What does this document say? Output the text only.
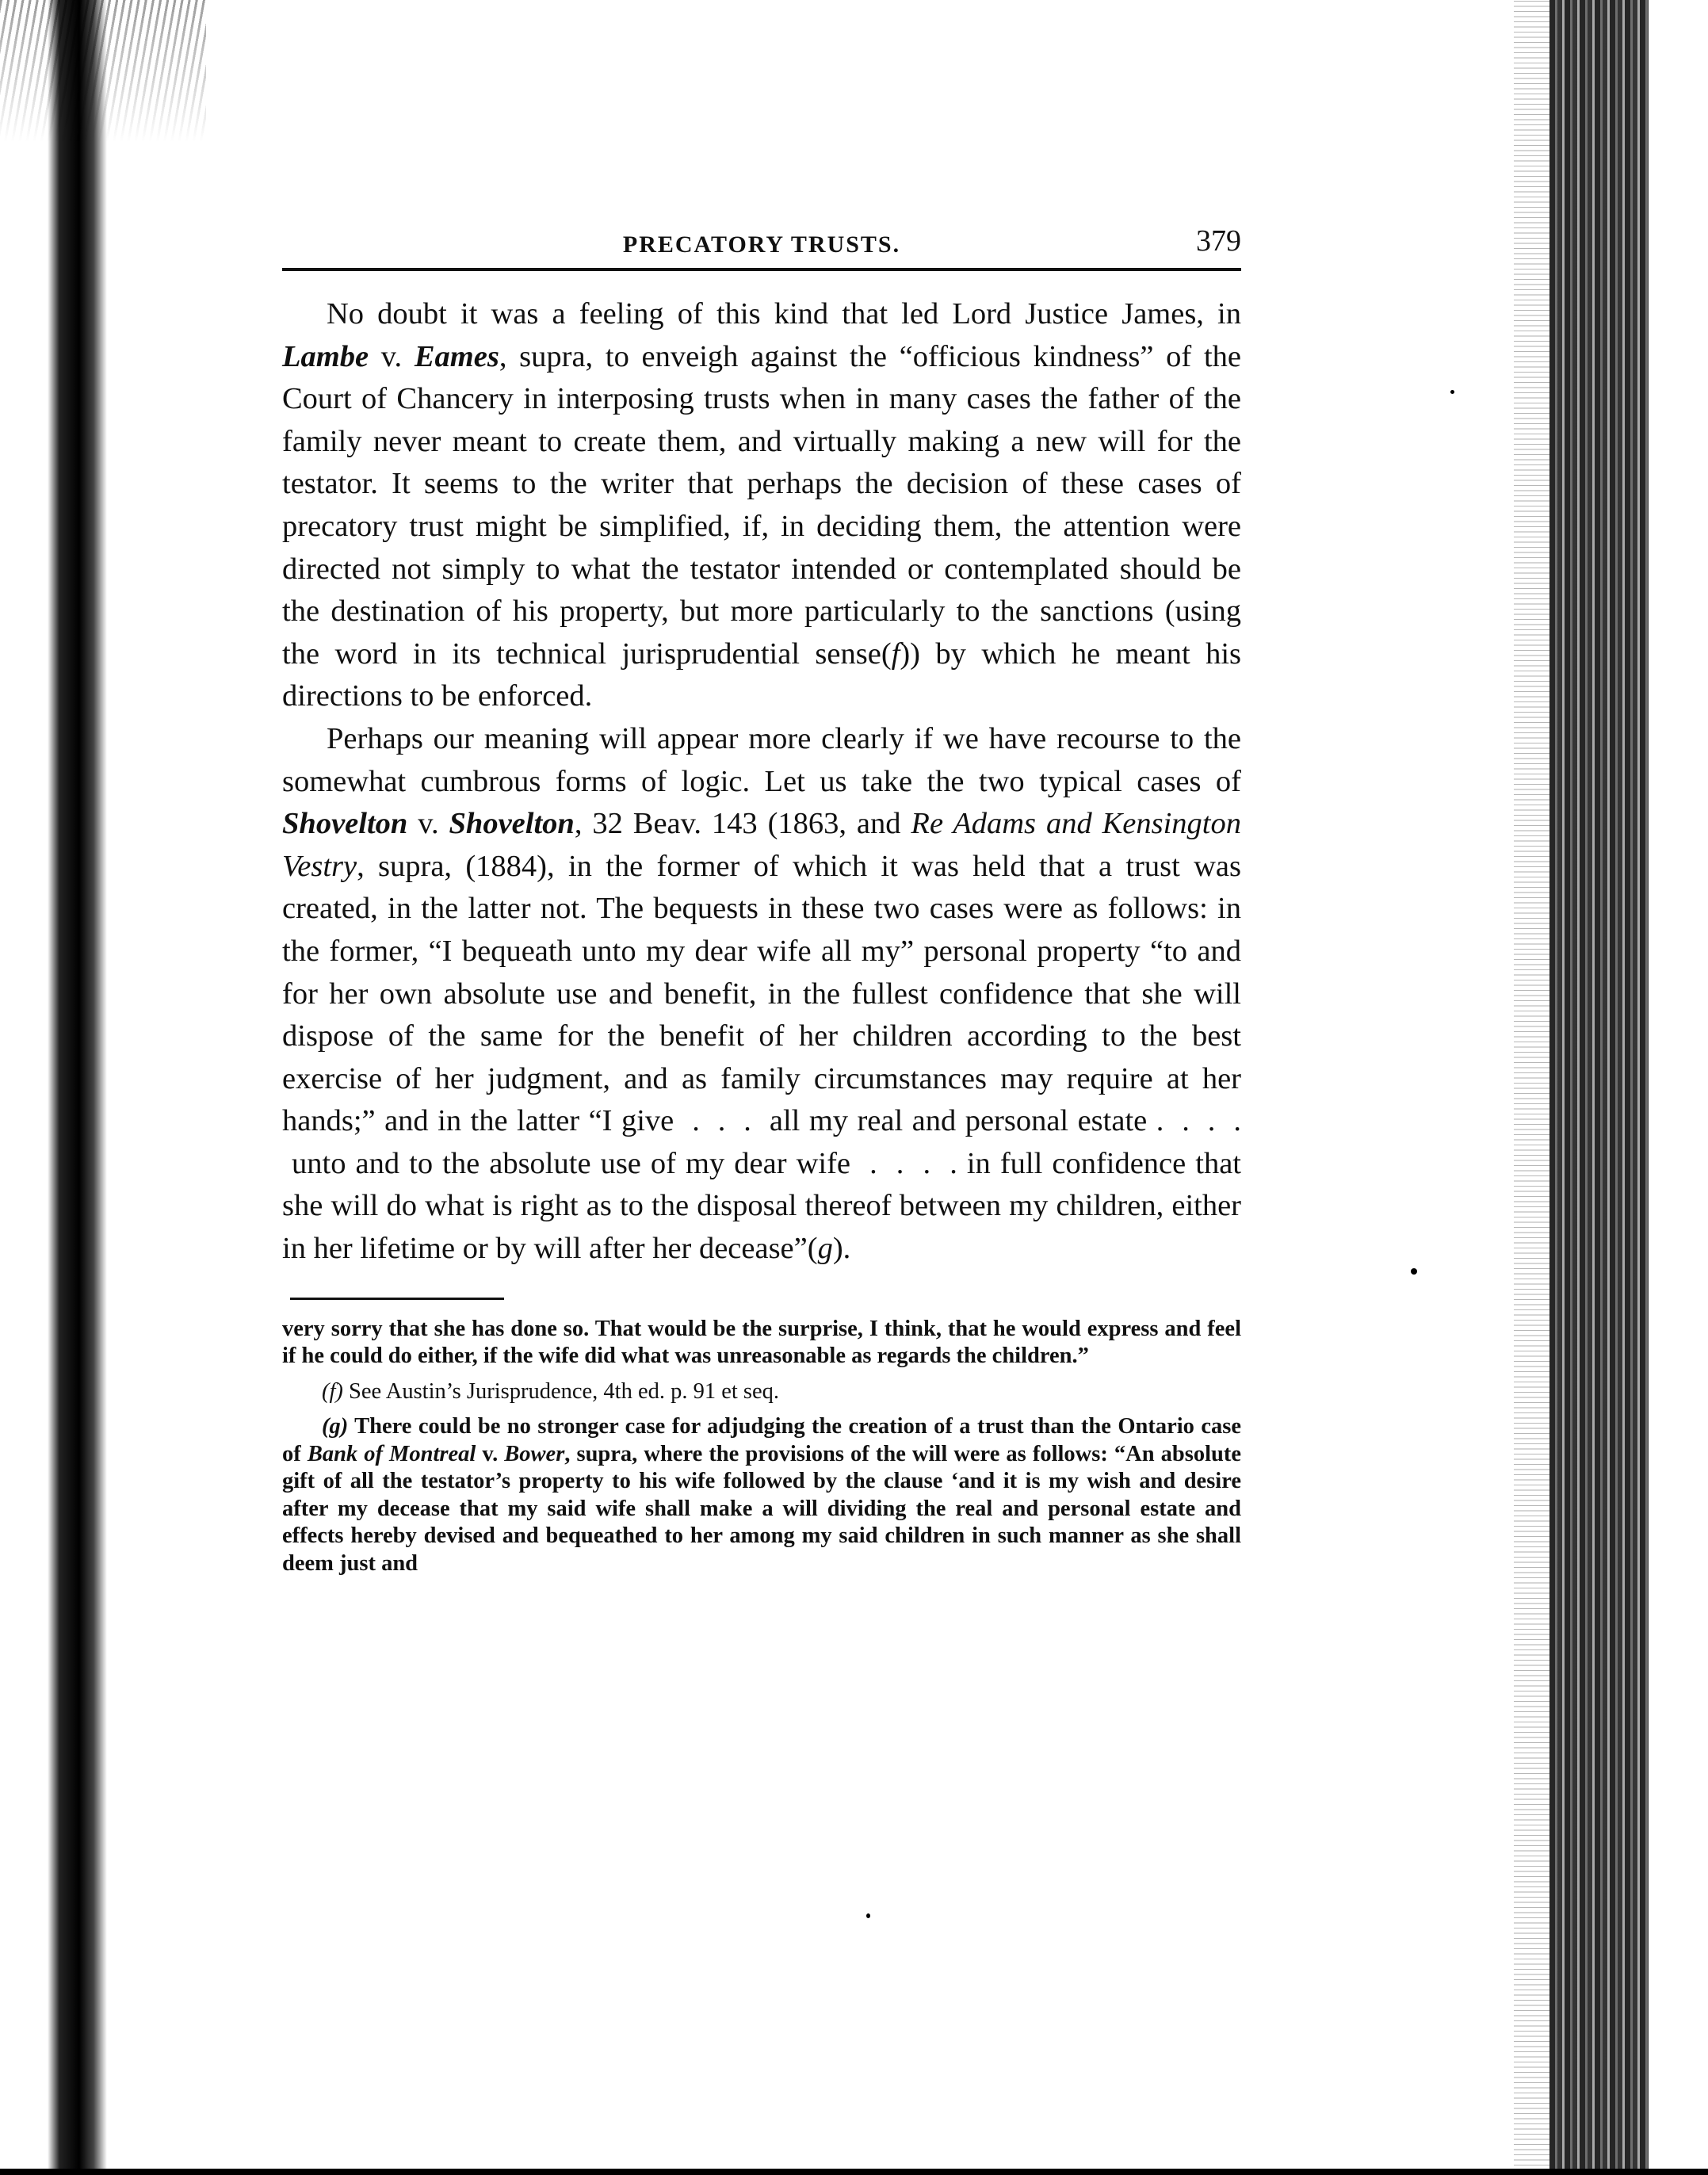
PRECATORY TRUSTS.	379

No doubt it was a feeling of this kind that led Lord Justice James, in Lambe v. Eames, supra, to enveigh against the “officious kindness” of the Court of Chancery in interposing trusts when in many cases the father of the family never meant to create them, and virtually making a new will for the testator. It seems to the writer that perhaps the decision of these cases of precatory trust might be simplified, if, in deciding them, the attention were directed not simply to what the testator intended or contemplated should be the destination of his property, but more particularly to the sanctions (using the word in its technical jurisprudential sense(f)) by which he meant his directions to be enforced.

Perhaps our meaning will appear more clearly if we have recourse to the somewhat cumbrous forms of logic. Let us take the two typical cases of Shovelton v. Shovelton, 32 Beav. 143 (1863, and Re Adams and Kensington Vestry, supra, (1884), in the former of which it was held that a trust was created, in the latter not. The bequests in these two cases were as follows: in the former, “I bequeath unto my dear wife all my” personal property “to and for her own absolute use and benefit, in the fullest confidence that she will dispose of the same for the benefit of her children according to the best exercise of her judgment, and as family circumstances may require at her hands;” and in the latter “I give  .  .  .  all my real and personal estate .  .  .  .  unto and to the absolute use of my dear wife  .  .  .  . in full confidence that she will do what is right as to the disposal thereof between my children, either in her lifetime or by will after her decease”(g).

very sorry that she has done so. That would be the surprise, I think, that he would express and feel if he could do either, if the wife did what was unreasonable as regards the children.”

(f) See Austin’s Jurisprudence, 4th ed. p. 91 et seq.

(g) There could be no stronger case for adjudging the creation of a trust than the Ontario case of Bank of Montreal v. Bower, supra, where the provisions of the will were as follows: “An absolute gift of all the testator’s property to his wife followed by the clause ‘and it is my wish and desire after my decease that my said wife shall make a will dividing the real and personal estate and effects hereby devised and bequeathed to her among my said children in such manner as she shall deem just and
